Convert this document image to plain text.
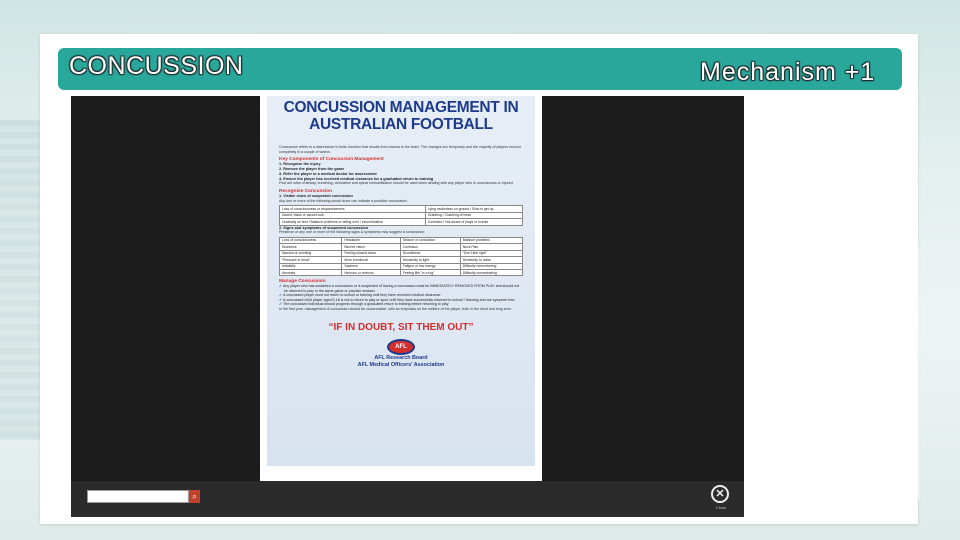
CONCUSSION	Mechanism +1
CONCUSSION MANAGEMENT IN AUSTRALIAN FOOTBALL
Concussion refers to a disturbance in brain function that results from trauma to the brain. The changes are temporary and the majority of players recover completely in a couple of weeks.
Key Components of Concussion Management
1. Recognise the injury
2. Remove the player from the game
3. Refer the player to a medical doctor for assessment
4. Ensure the player has received medical clearance for a graduated return to training
First aid rules of airway, breathing, circulation and spinal immobilisation should be used when dealing with any player who is unconscious or injured.
Recognise Concussion
1. Visible clues of suspected concussion
Any one or more of the following visual clues can indicate a possible concussion:
Loss of consciousness or responsiveness	Lying motionless on ground / Slow to get up
Dazed, blank or vacant look	Grabbing / Clutching of head
Unsteady on feet / Balance problems or falling over / Incoordination	Confused / Not aware of plays or events
2. Signs and symptoms of suspected concussion
Presence of any one or more of the following signs & symptoms may suggest a concussion:
Loss of consciousness	Headache	Seizure or convulsion	Balance problems
Dizziness	Blurred vision	Confusion	Neck Pain
Nausea or vomiting	Feeling slowed down	Drowsiness	“Don't feel right”
“Pressure in head”	More emotional	Sensitivity to light	Sensitivity to noise
Irritability	Sadness	Fatigue or low energy	Difficulty remembering
Amnesia	Nervous or anxious	Feeling like “in a fog”	Difficulty concentrating
Manage Concussion
✓ Any player who has sustained a concussion or is suspected of having a concussion must be IMMEDIATELY REMOVED FROM PLAY and should not be returned to play in the same game or practice session.
✓ A concussed player must not return to school or training until they have received medical clearance.
✓ A concussed child player aged 5-18 is not to return to play or sport until they have successfully returned to school / learning and are symptom free.
✓ The concussed individual should progress through a graduated return to training before returning to play.
In the first year, management of concussion should be conservative, with an emphasis on the welfare of the player, both in the short and long term.
“IF IN DOUBT, SIT THEM OUT”
AFL
AFL Research Board
AFL Medical Officers' Association
⌕	✕
Close
